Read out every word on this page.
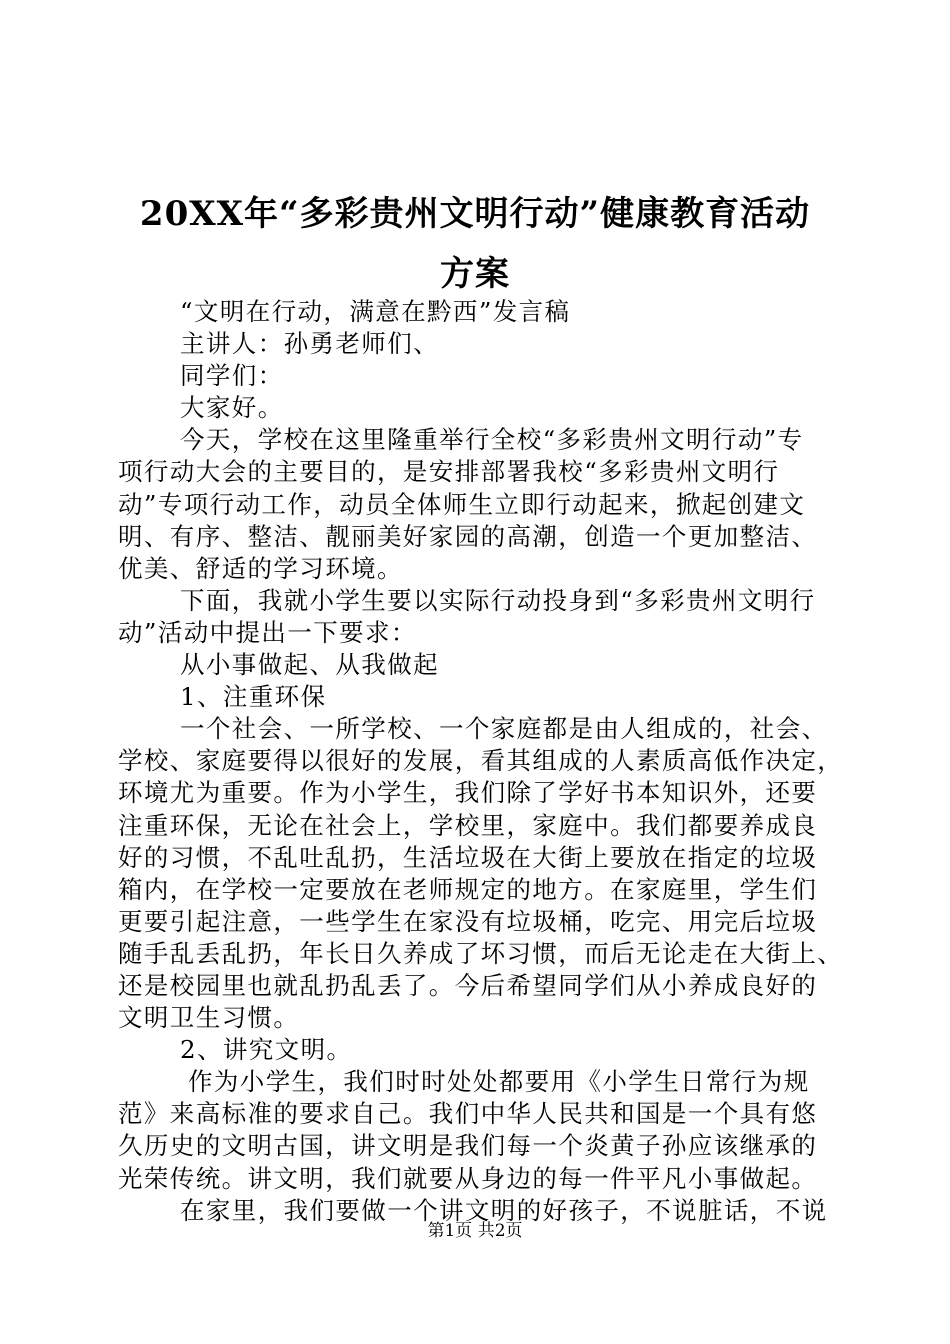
20XX年“多彩贵州文明行动”健康教育活动
方案
“文明在行动，满意在黔西”发言稿
主讲人：孙勇老师们、
同学们：
大家好。
今天，学校在这里隆重举行全校“多彩贵州文明行动”专
项行动大会的主要目的，是安排部署我校“多彩贵州文明行
动”专项行动工作，动员全体师生立即行动起来，掀起创建文
明、有序、整洁、靓丽美好家园的高潮，创造一个更加整洁、
优美、舒适的学习环境。
下面，我就小学生要以实际行动投身到“多彩贵州文明行
动”活动中提出一下要求：
从小事做起、从我做起
1、注重环保
一个社会、一所学校、一个家庭都是由人组成的，社会、
学校、家庭要得以很好的发展，看其组成的人素质高低作决定，
环境尤为重要。作为小学生，我们除了学好书本知识外，还要
注重环保，无论在社会上，学校里，家庭中。我们都要养成良
好的习惯，不乱吐乱扔，生活垃圾在大街上要放在指定的垃圾
箱内，在学校一定要放在老师规定的地方。在家庭里，学生们
更要引起注意，一些学生在家没有垃圾桶，吃完、用完后垃圾
随手乱丢乱扔，年长日久养成了坏习惯，而后无论走在大街上、
还是校园里也就乱扔乱丢了。今后希望同学们从小养成良好的
文明卫生习惯。
2、讲究文明。
作为小学生，我们时时处处都要用《小学生日常行为规
范》来高标准的要求自己。我们中华人民共和国是一个具有悠
久历史的文明古国，讲文明是我们每一个炎黄子孙应该继承的
光荣传统。讲文明，我们就要从身边的每一件平凡小事做起。
在家里，我们要做一个讲文明的好孩子，不说脏话，不说
第1页 共2页
